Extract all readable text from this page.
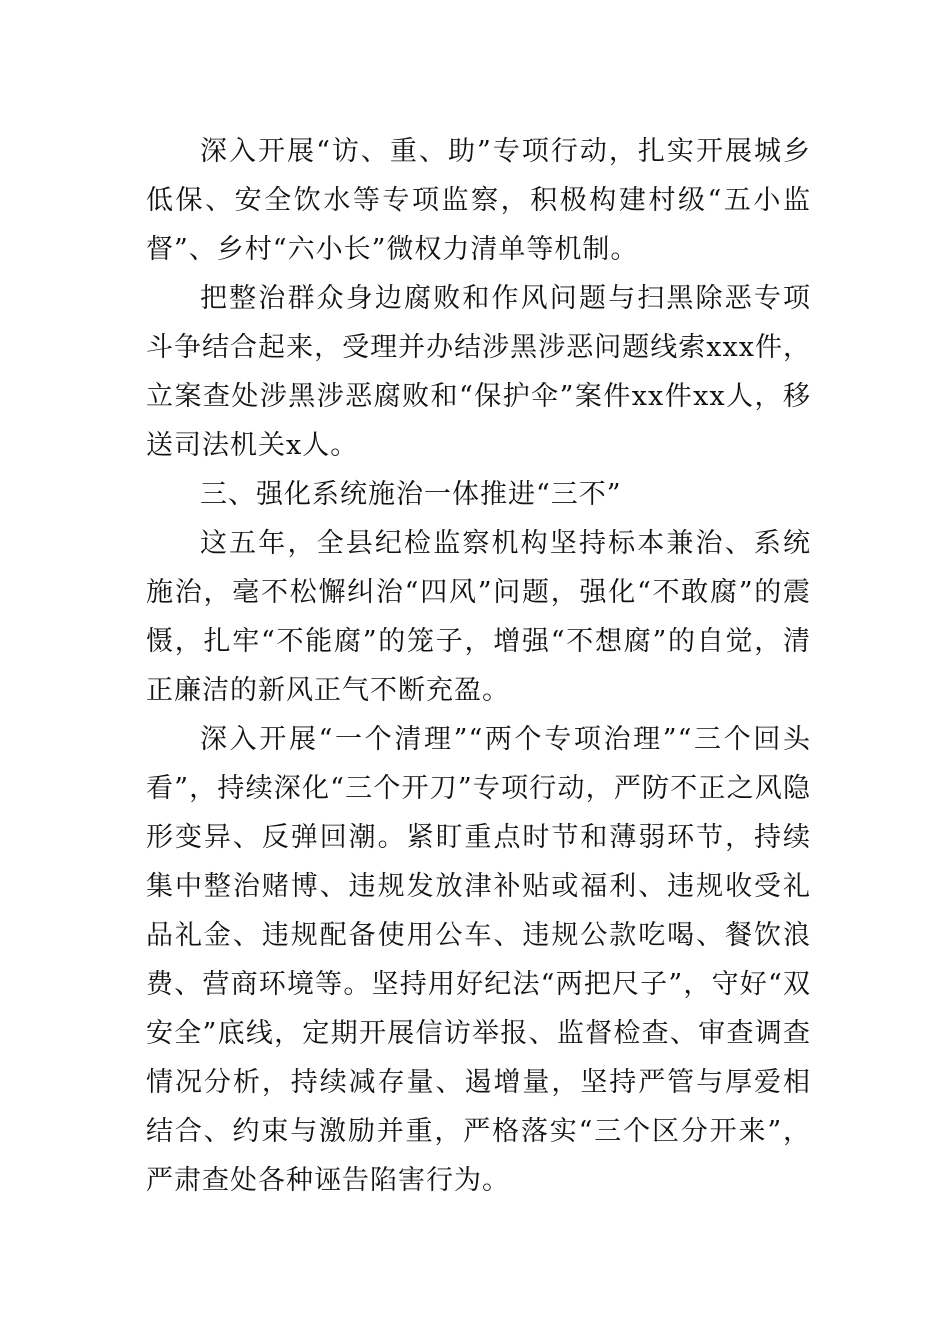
深入开展“访、重、助”专项行动，扎实开展城乡低保、安全饮水等专项监察，积极构建村级“五小监督”、乡村“六小长”微权力清单等机制。

把整治群众身边腐败和作风问题与扫黑除恶专项斗争结合起来，受理并办结涉黑涉恶问题线索xxx件，立案查处涉黑涉恶腐败和“保护伞”案件xx件xx人，移送司法机关x人。

三、强化系统施治一体推进“三不”

这五年，全县纪检监察机构坚持标本兼治、系统施治，毫不松懈纠治“四风”问题，强化“不敢腐”的震慑，扎牢“不能腐”的笼子，增强“不想腐”的自觉，清正廉洁的新风正气不断充盈。

深入开展“一个清理”“两个专项治理”“三个回头看”，持续深化“三个开刀”专项行动，严防不正之风隐形变异、反弹回潮。紧盯重点时节和薄弱环节，持续集中整治赌博、违规发放津补贴或福利、违规收受礼品礼金、违规配备使用公车、违规公款吃喝、餐饮浪费、营商环境等。坚持用好纪法“两把尺子”，守好“双安全”底线，定期开展信访举报、监督检查、审查调查情况分析，持续减存量、遏增量，坚持严管与厚爱相结合、约束与激励并重，严格落实“三个区分开来”，严肃查处各种诬告陷害行为。
